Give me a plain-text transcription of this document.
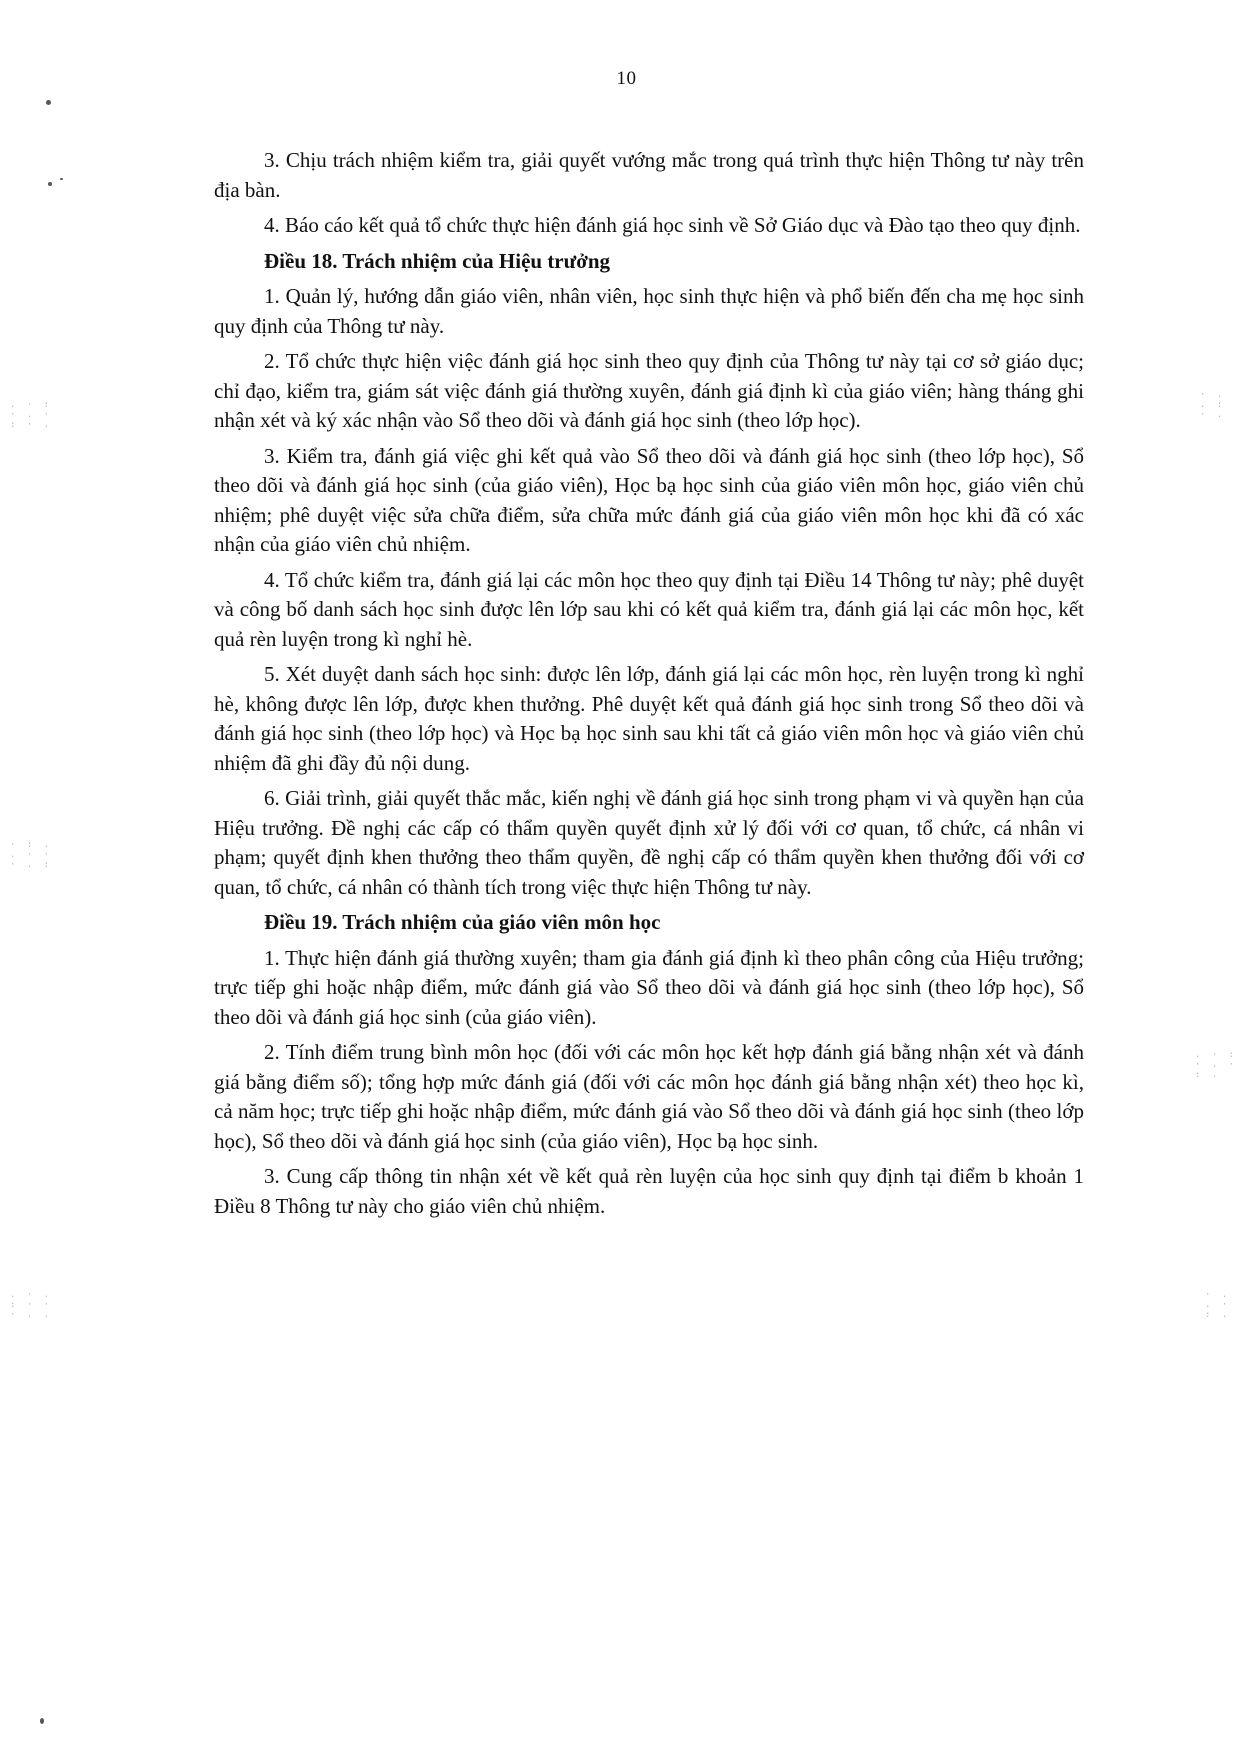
10
. · :
· . ·
: · .
· : .
. · ·
· . :
. · .
: · ·
· . .
· .
. :
· .
. · :
· . ·
: .
· .
. ·
: .

3. Chịu trách nhiệm kiểm tra, giải quyết vướng mắc trong quá trình thực hiện Thông tư này trên địa bàn.

4. Báo cáo kết quả tổ chức thực hiện đánh giá học sinh về Sở Giáo dục và Đào tạo theo quy định.

Điều 18. Trách nhiệm của Hiệu trưởng

1. Quản lý, hướng dẫn giáo viên, nhân viên, học sinh thực hiện và phổ biến đến cha mẹ học sinh quy định của Thông tư này.

2. Tổ chức thực hiện việc đánh giá học sinh theo quy định của Thông tư này tại cơ sở giáo dục; chỉ đạo, kiểm tra, giám sát việc đánh giá thường xuyên, đánh giá định kì của giáo viên; hàng tháng ghi nhận xét và ký xác nhận vào Sổ theo dõi và đánh giá học sinh (theo lớp học).

3. Kiểm tra, đánh giá việc ghi kết quả vào Sổ theo dõi và đánh giá học sinh (theo lớp học), Sổ theo dõi và đánh giá học sinh (của giáo viên), Học bạ học sinh của giáo viên môn học, giáo viên chủ nhiệm; phê duyệt việc sửa chữa điểm, sửa chữa mức đánh giá của giáo viên môn học khi đã có xác nhận của giáo viên chủ nhiệm.

4. Tổ chức kiểm tra, đánh giá lại các môn học theo quy định tại Điều 14 Thông tư này; phê duyệt và công bố danh sách học sinh được lên lớp sau khi có kết quả kiểm tra, đánh giá lại các môn học, kết quả rèn luyện trong kì nghỉ hè.

5. Xét duyệt danh sách học sinh: được lên lớp, đánh giá lại các môn học, rèn luyện trong kì nghỉ hè, không được lên lớp, được khen thưởng. Phê duyệt kết quả đánh giá học sinh trong Sổ theo dõi và đánh giá học sinh (theo lớp học) và Học bạ học sinh sau khi tất cả giáo viên môn học và giáo viên chủ nhiệm đã ghi đầy đủ nội dung.

6. Giải trình, giải quyết thắc mắc, kiến nghị về đánh giá học sinh trong phạm vi và quyền hạn của Hiệu trưởng. Đề nghị các cấp có thẩm quyền quyết định xử lý đối với cơ quan, tổ chức, cá nhân vi phạm; quyết định khen thưởng theo thẩm quyền, đề nghị cấp có thẩm quyền khen thưởng đối với cơ quan, tổ chức, cá nhân có thành tích trong việc thực hiện Thông tư này.

Điều 19. Trách nhiệm của giáo viên môn học

1. Thực hiện đánh giá thường xuyên; tham gia đánh giá định kì theo phân công của Hiệu trưởng; trực tiếp ghi hoặc nhập điểm, mức đánh giá vào Sổ theo dõi và đánh giá học sinh (theo lớp học), Sổ theo dõi và đánh giá học sinh (của giáo viên).

2. Tính điểm trung bình môn học (đối với các môn học kết hợp đánh giá bằng nhận xét và đánh giá bằng điểm số); tổng hợp mức đánh giá (đối với các môn học đánh giá bằng nhận xét) theo học kì, cả năm học; trực tiếp ghi hoặc nhập điểm, mức đánh giá vào Sổ theo dõi và đánh giá học sinh (theo lớp học), Sổ theo dõi và đánh giá học sinh (của giáo viên), Học bạ học sinh.

3. Cung cấp thông tin nhận xét về kết quả rèn luyện của học sinh quy định tại điểm b khoản 1 Điều 8 Thông tư này cho giáo viên chủ nhiệm.
